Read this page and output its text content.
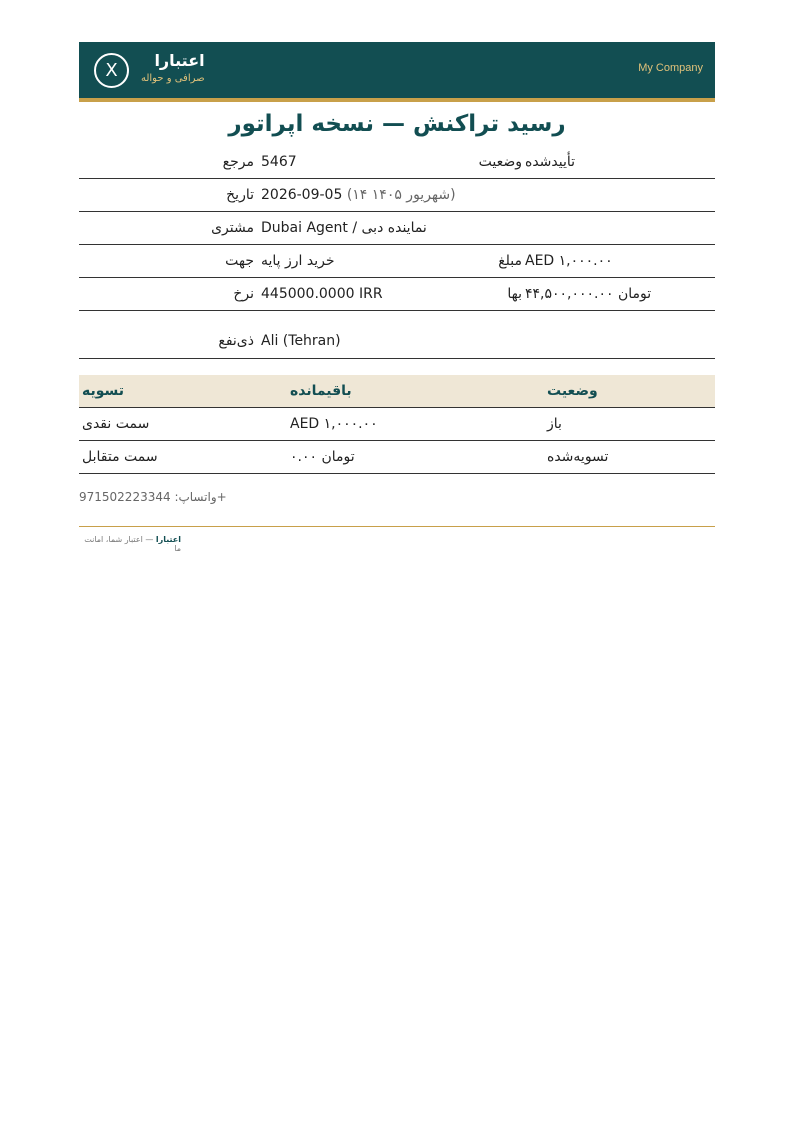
X	اعتبارا
صرافی و حواله
My Company
رسید تراکنش — نسخه اپراتور
مرجع 5467	وضعیت تأییدشده
تاریخ 2026-09-05 (۱۴ شهریور ۱۴۰۵)
مشتری Dubai Agent / نماینده دبی
جهت خرید ارز پایه	مبلغ AED ۱,۰۰۰.۰۰
نرخ 445000.0000 IRR	بها ۴۴,۵۰۰,۰۰۰.۰۰ تومان
ذی‌نفع Ali (Tehran)
تسویه	باقیمانده	وضعیت
سمت نقدی	AED ۱,۰۰۰.۰۰	باز
سمت متقابل	۰.۰۰ تومان	تسویه‌شده
واتساپ: 971502223344+
اعتبارا — اعتبار شما، امانت ما
